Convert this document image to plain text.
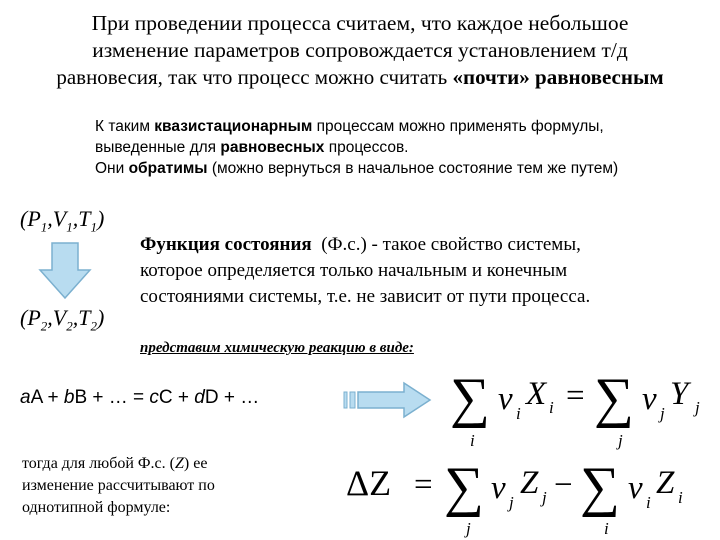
При проведении процесса считаем, что каждое небольшое
изменение параметров сопровождается установлением т/д
равновесия, так что процесс можно считать «почти» равновесным
К таким квазистационарным процессам можно применять формулы,
выведенные для равновесных процессов.
Они обратимы (можно вернуться в начальное состояние тем же путем)
$(P_1,V_1,T_1)$
$(P_2,V_2,T_2)$
Функция состояния  (Ф.с.) - такое свойство системы,
которое определяется только начальным и конечным
состояниями системы, т.е. не зависит от пути процесса.
представим химическую реакцию в виде:
aA + bB + … = cC + dD + …	∑
i
ν i
X i = ∑
j
ν j
Y j
тогда для любой Ф.с. (Z) ее
изменение рассчитывают по
однотипной формуле:
ΔZ = ∑
j
ν j
Z j − ∑
i
ν i
Z i
